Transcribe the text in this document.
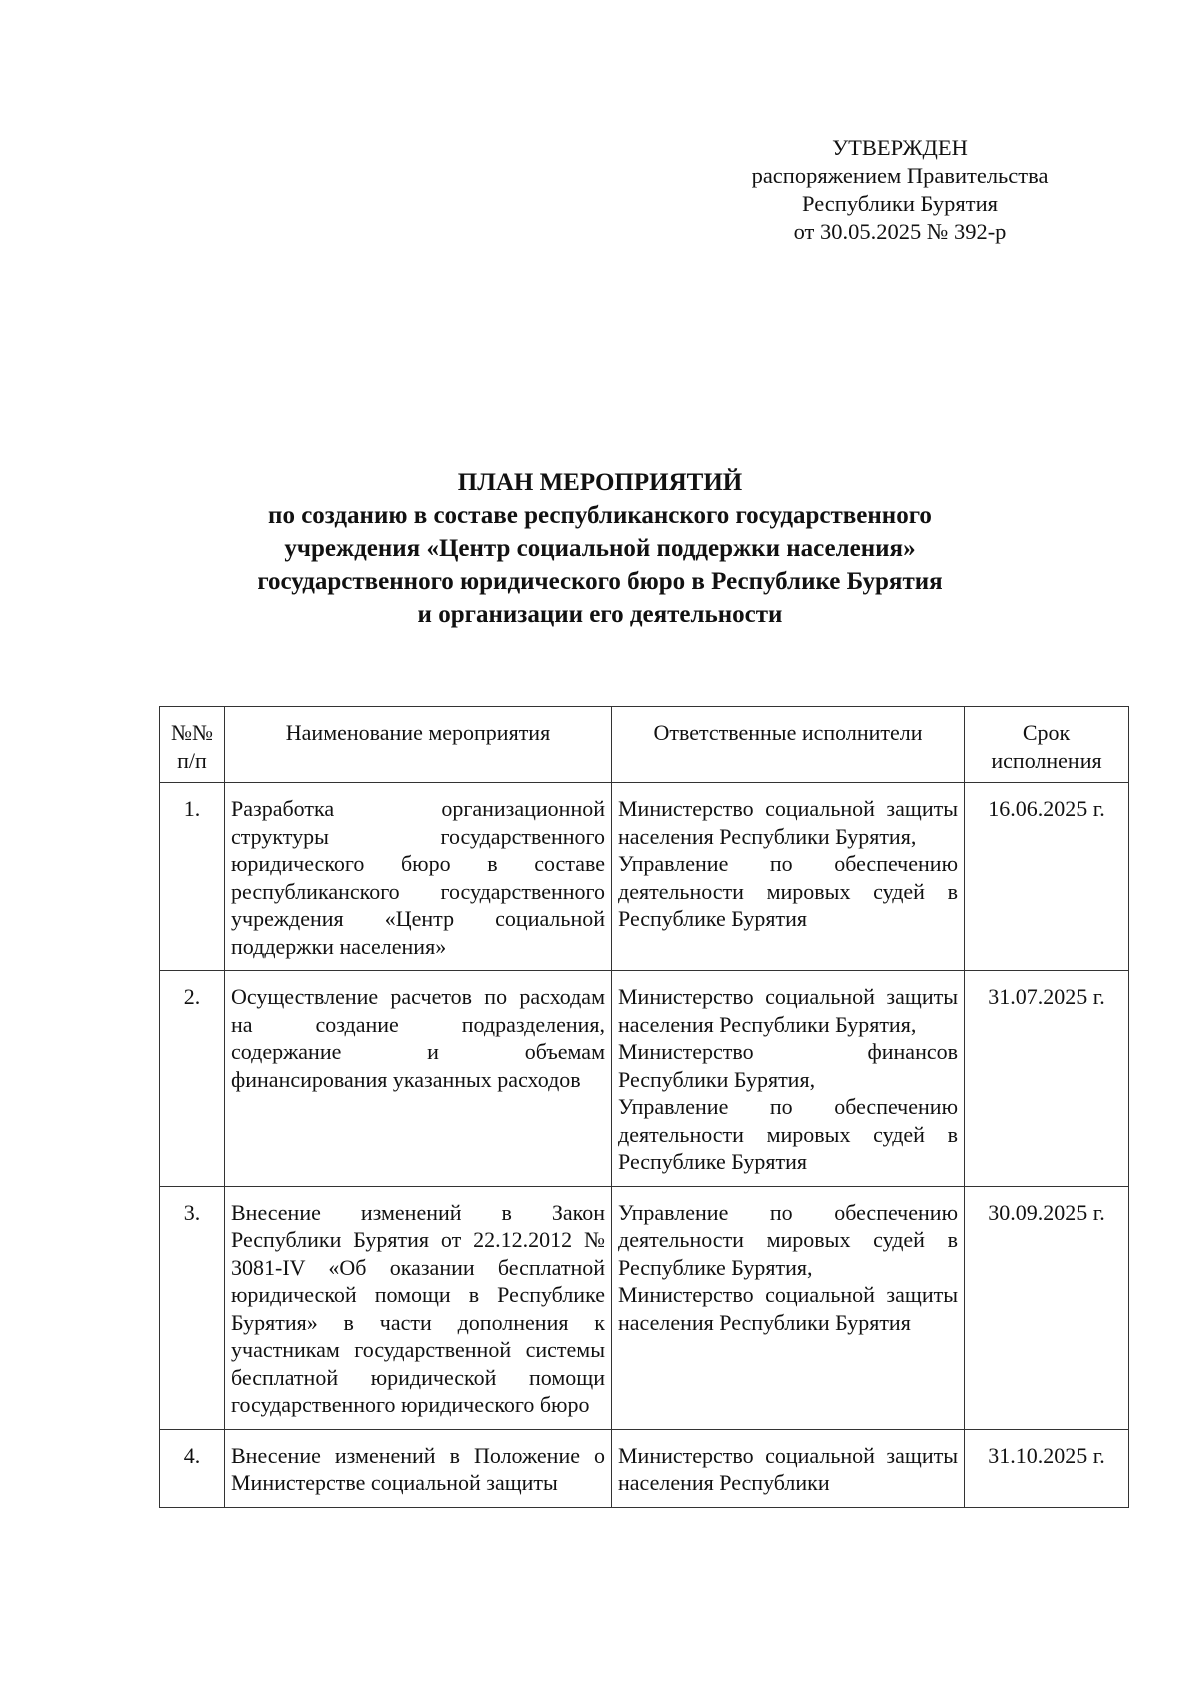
УТВЕРЖДЕН
распоряжением Правительства
Республики Бурятия
от 30.05.2025 № 392-р
ПЛАН МЕРОПРИЯТИЙ
по созданию в составе республиканского государственного
учреждения «Центр социальной поддержки населения»
государственного юридического бюро в Республике Бурятия
и организации его деятельности
№№ п/п	Наименование мероприятия	Ответственные исполнители	Срок исполнения
1.	Разработка организационной структуры государственного юридического бюро в составе республиканского государственного учреждения «Центр социальной поддержки населения»	Министерство социальной защиты населения Республики Бурятия,
Управление по обеспечению деятельности мировых судей в Республике Бурятия	16.06.2025 г.
2.	Осуществление расчетов по расходам на создание подразделения, содержание и объемам финансирования указанных расходов	Министерство социальной защиты населения Республики Бурятия,
Министерство финансов Республики Бурятия,
Управление по обеспечению деятельности мировых судей в Республике Бурятия	31.07.2025 г.
3.	Внесение изменений в Закон Республики Бурятия от 22.12.2012 № 3081-IV «Об оказании бесплатной юридической помощи в Республике Бурятия» в части дополнения к участникам государственной системы бесплатной юридической помощи государственного юридического бюро	Управление по обеспечению деятельности мировых судей в Республике Бурятия,
Министерство социальной защиты населения Республики Бурятия	30.09.2025 г.
4.	Внесение изменений в Положение о Министерстве социальной защиты	Министерство социальной защиты населения Республики	31.10.2025 г.
